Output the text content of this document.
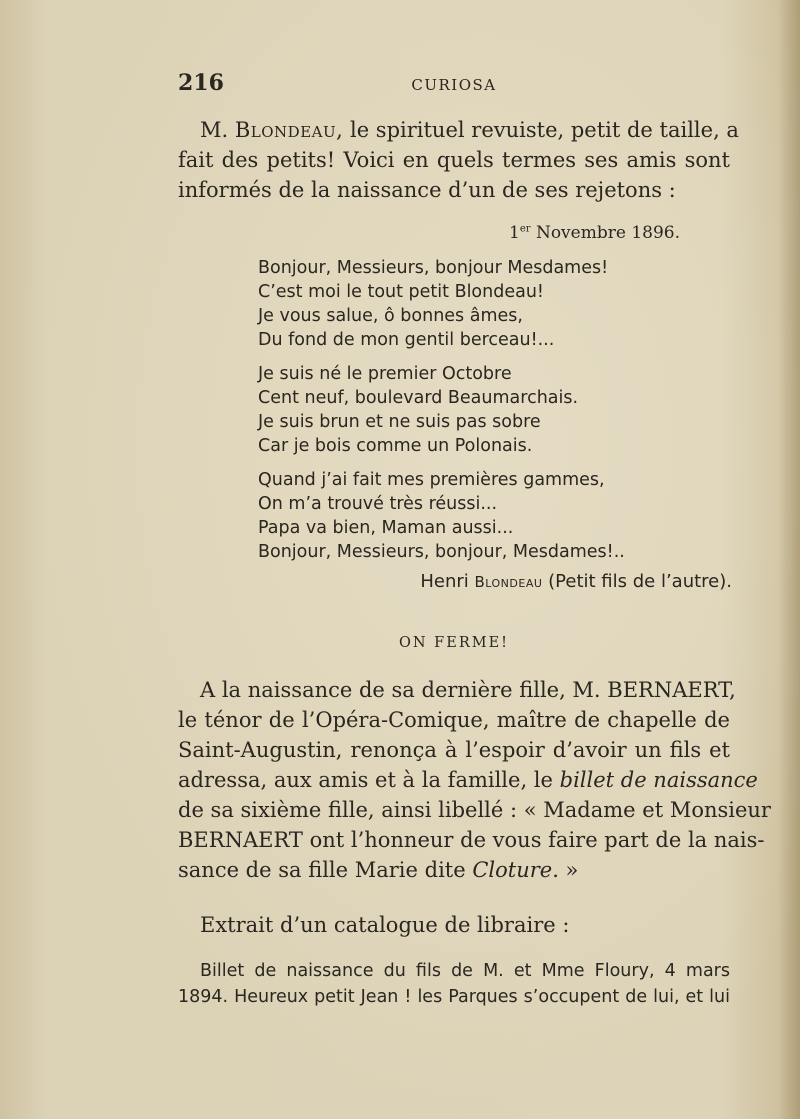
216	CURIOSA
M. Blondeau, le spirituel revuiste, petit de taille, a
fait des petits! Voici en quels termes ses amis sont
informés de la naissance d’un de ses rejetons :
1er Novembre 1896.
Bonjour, Messieurs, bonjour Mesdames!
C’est moi le tout petit Blondeau!
Je vous salue, ô bonnes âmes,
Du fond de mon gentil berceau!...
Je suis né le premier Octobre
Cent neuf, boulevard Beaumarchais.
Je suis brun et ne suis pas sobre
Car je bois comme un Polonais.
Quand j’ai fait mes premières gammes,
On m’a trouvé très réussi...
Papa va bien, Maman aussi...
Bonjour, Messieurs, bonjour, Mesdames!..
Henri Blondeau (Petit fils de l’autre).
ON FERME!
A la naissance de sa dernière fille, M. BERNAERT,
le ténor de l’Opéra-Comique, maître de chapelle de
Saint-Augustin, renonça à l’espoir d’avoir un fils et
adressa, aux amis et à la famille, le billet de naissance
de sa sixième fille, ainsi libellé : « Madame et Monsieur
BERNAERT ont l’honneur de vous faire part de la nais-
sance de sa fille Marie dite Cloture. »
Extrait d’un catalogue de libraire :
Billet de naissance du fils de M. et Mme Floury, 4 mars
1894. Heureux petit Jean ! les Parques s’occupent de lui, et lui
